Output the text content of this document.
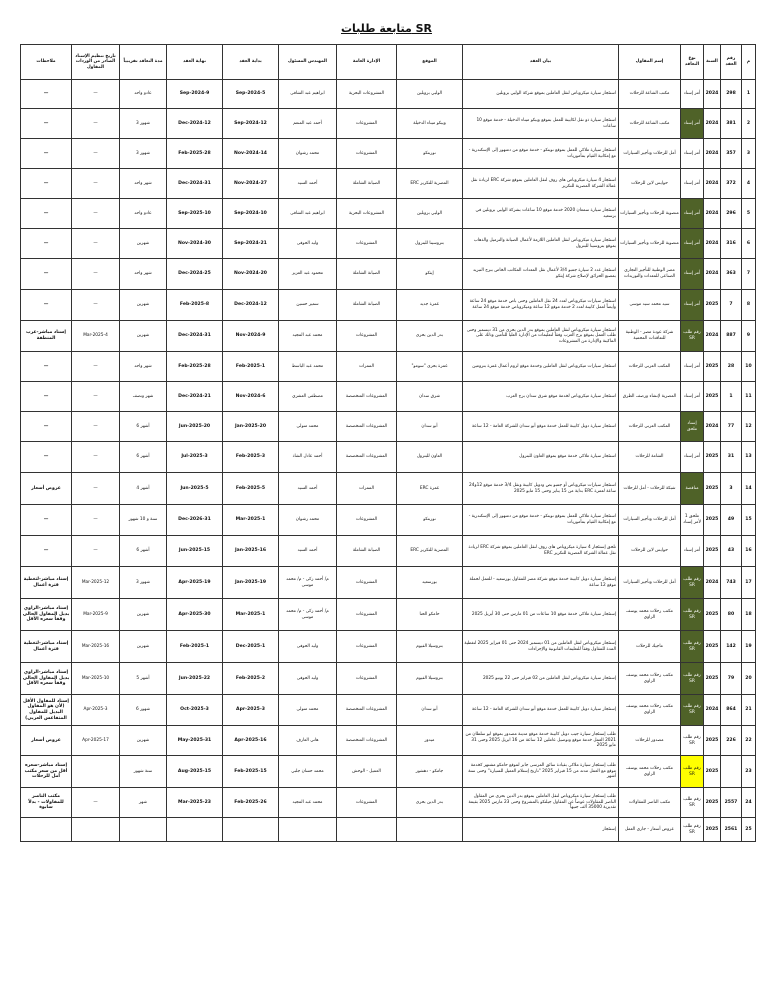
متابعة طلبات SR
م	رقم العقد	السنة	نوع التعاقد	إسم المقاول	بيان العقد	الموقع	الإدارة العامة	المهندس المسئول	بداية العقد	نهاية العقد	مدة التعاقد تقريبياً	تاريخ تنظيم الإسناد الصادر من الوردات المقاول	ملاحظات
1	298	2024	أمر إسناد	مكتب الشاعة للرحلات	استئجار سيارة ميكروباص لنقل العاملين بموقع شركة الوليي بروبلين	الوليي بروبلين	المشروعات البحرية	ابراهيم عبد الشافى	5-Sep-2024	9-Sep-2024	عادو واحد	—	—
2	381	2024	أمر إسناد	مكتب الشاعة للرحلات	استئجار سيارة ذو نقل لكابينة للعمل بموقع ويبكو ميناء الدخيلة - خدمة موقع 10 ساعات	ويبكو ميناء الدخيلة	المشروعات	أحمد عبد المنعم	12-Sep-2024	12-Dec-2024	شهور 3	—	—
3	357	2024	أمر إسناد	أمل للرحلات وتأجير السيارات	استئجار سيارة ملاكي للعمل بموقع نوبتكو - خدمة موقع من دمنهور إلى الإسكندرية - مع إمكانية القيام بمأموريات	نوربتكو	المشروعات	محمد رشوان	14-Nov-2024	28-Feb-2025	شهور 3	—	—
4	372	2024	أمر إسناد	حوايس لاين للرحلات	استئجار 4 سيارة ميكروباص هاى روف لنقل العاملين بموقع شركة ERC لزيادة نقل عمالة الشركة المصرية للتكرير	المصرية للتكرير ERC	الصيانة الشاملة	أحمد السيد	27-Nov-2024	31-Dec-2024	شهر واحد	—	—
5	296	2024	أمر إسناد	منصوبة للرحلات وتأجير السيارات	استئجار سيارة سمعان 2020 خدمة موقع 10 ساعات بشركة الوليي بروبلين في برسعيد	الوليي بروبلين	المشروعات البحرية	ابراهيم عبد الشافى	10-Sep-2024	10-Sep-2025	عادو واحد	—	—
6	316	2024	أمر إسناد	منصوبة للرحلات وتأجير السيارات	استئجار سيارة ميكروباص لنقل العاملين اللازمة لأعمال الصيانة والترميل والذهاب بموقع بتروسينا للبترول	بتروسينا للبترول	المشروعات	وليد الحوفى	21-Sep-2024	30-Nov-2024	شهرين	—	—
7	363	2024	أمر إسناد	مصر الوطنية للتأجير التجاري الصناعى للمعدات والتوريدات	استئجار عدد 2 سيارة جمبو 3/4 لأعمال نقل المعدات المكاتب الخاص ببرج التبريد بمصنع الحرائق لإصلاح شركة إيثكو	إيثكو	الصيانة الشاملة	محمود عبد العزيز	20-Nov-2024	25-Dec-2024	شهر واحد	—	—
8	7	2025	أمر إسناد	سيد محمد سيد موسى	استئجار سيارات ميكروباص لعدد 24 نقل العاملين وحتى باص خدمة موقع 24 ساعة وأيضاً لعمل كابينة لعدد 2 خدمة موقع 12 ساعة وميكروباص خدمة موقع 24 ساعة	غمرة جديد	الصيانة الشاملة	سمير حسين	12-Dec-2024	8-Feb-2025	شهرين	—	—
9	887	2024	رقم طلب SR	شركة عودة مصر - الوطنية للتعاقدات المحمية	استئجار سيارة ميكروباص لنقل العاملين بموقع بدر الدين بحرى من 31 ديسمبر وحتى طلب العمل بموقع برج العرب وفقاً لتعليمات من الإدارة العليا للتأمين وذلك على الماكينة والإدارة من المشروعات	بدر الدين بحرى	المشروعات	محمد عبد المجيد	9-Nov-2024	31-Dec-2024	شهرين	4-Mar-2025	إسناد مباشر-غرب المنطقة
10	28	2025	أمر إسناد	المكتب العربي للرحلات	استئجار سيارات ميكروباص لنقل العاملين وخدمة موقع لزوم أعمال غمرة بترومين	غمرة بحرى "سومو"	الممرات	محمد عبد الباسط	1-Feb-2025	28-Feb-2025	شهر واحد	—	—
11	1	2025	أمر إسناد	المصرية لإنشاء ورصف الطرق	استئجار سيارة ميكروباص لخدمة موقع شرق سدان برج العرب	شرق سدان	المشروعات المتخصصة	مصطفى العشري	6-Nov-2024	21-Dec-2024	شهر ونصف	—	—
12	77	2024	إسناد ملحق	المكتب العربي للرحلات	استئجار سيارة دوبل كابينة للعمل خدمة موقع أبو سدان للشركة العامة - 12 ساعة	أبو سدان	المشروعات المتخصصة	محمد متولى	20-Jan-2025	20-Jun-2025	أشهر 6	—	—
13	31	2025	أمر إسناد	الشامة للرحلات	استئجار سيارة ملاكي خدمة موقع بموقع العاون للبترول	العاون للبترول	المشروعات المتخصصة	أحمد عادل الشاذ	3-Feb-2025	3-Jul-2025	أشهر 6	—	—
14	3	2025	مناقصة	شبكة للرحلات - أمل للرحلات	استئجار سيارات ميكروباص أو جمبو بص ودوبل كابينة ونقل 3/4 خدمة موقع 12و24 ساعة لعمرة ERC بداية من 15 يناير وحتى 15 مايو 2025	غمرة ERC	الممرات	أحمد السيد	5-Feb-2025	5-Jun-2025	أشهر 4	—	عروض أسعار
15	49	2025	ملحق 1 لأمر إسناد	أمل للرحلات وتأجير السيارات	استئجار سيارة ملاكي للعمل بموقع نوبتكو - خدمة موقع من دمنهور إلى الإسكندرية - مع إمكانية القيام بمأموريات	نوربتكو	المشروعات	محمد رشوان	1-Mar-2025	31-Dec-2026	سنة و 10 شهور	—	—
16	43	2025	أمر إسناد	حوايس لاين للرحلات	تلحق إستئجار 4 سيارة ميكروباص هاى روف لنقل العاملين بموقع شركة ERC لزيادة نقل عمالة الشركة المصرية للتكرير ERC	المصرية للتكرير ERC	الصيانة الشاملة	أحمد السيد	16-Jan-2025	15-Jun-2025	أشهر 6	—	—
17	743	2024	رقم طلب SR	أمل للرحلات وتأجير السيارات	إستئجار سيارة دوبل كابينة خدمة موقع شركة مصر للمقاول بورسعيد - للعمل لحملة موقع 12 ساعة	بورسعيد	المشروعات	م/ أحمد زكى - م/ محمد موسى	19-Jan-2025	19-Apr-2025	شهور 3	12-Mar-2025	إسناد مباشر-لتغطية فترة أعمال
18	80	2025	رقم طلب SR	مكتب رحلات محمد يوسف الزاوي	إستئجار سيارة ملاكي خدمة موقع 10 ساعات من 01 مارس حتى 30 أبريل 2025	حامكو الحنا	المشروعات	م/ أحمد زكى - م/ محمد موسى	1-Mar-2025	30-Apr-2025	شهرين	9-Mar-2025	إسناد مباشر-الزاوي بديل المقاول الحالي وفقاً سعره الأقل
19	142	2025	رقم طلب SR	ماجيك للرحلات	إستئجار ميكروباص لنقل العاملين من 01 ديسمبر 2024 حتى 01 فبراير 2025 لتغطية المدة للمقاول وفقاً للتعليمات القانونية والإجراءات	بتروسيلا الفيوم	المشروعات	وليد الحوفى	1-Dec-2025	1-Feb-2025	شهرين	16-Mar-2025	إسناد مباشر-لتغطية فترة أعمال
20	79	2025	رقم طلب SR	مكتب رحلات محمد يوسف الزاوي	إستئجار سيارة ميكروباص لنقل العاملين من 02 فبراير حتى 22 يونيو 2025	بتروسيلا الفيوم	المشروعات	وليد الحوفى	2-Feb-2025	22-Jun-2025	أشهر 5	10-Mar-2025	إسناد مباشر-الزاوي بديل المقاول الحالي وفقاً سعره الأقل
21	864	2024	رقم طلب SR	مكتب رحلات محمد يوسف الزاوي	إستئجار سيارة دوبل كابينة للعمل خدمة موقع أبو سدان للشركة العامة - 12 ساعة	أبو سدان	المشروعات المتخصصة	محمد متولى	3-Apr-2025	3-Oct-2025	شهور 6	3-Apr-2025	إسناد للمقاول الأقل (لأن هو المقاول البديل للمقاول المتقاعس العربي)
22	226	2025	رقم طلب SR	مصدور للرحلات	طلب إستئجار سيارة جيب دوبل كابينة خدمة موقع مدينة مصدور بموقع ابو سلطان من 2021 العمل خدمة موقع وتوصيل عاملين 12 ساعة من 16 ابريل 2025 وحتى 31 مايو 2025	ميدور	المشروعات المتخصصة	هاني العارف	16-Apr-2025	31-May-2025	شهرين	17-Apr-2025	عروض أسعار
23		2025	رقم طلب SR	مكتب رحلات محمد يوسف الزاوي	طلب إستئجار سيارة ملاكى بقيادة سائق المرسى جابر لموقع حامكو مشتهر كخدمة موقع مع العمل مدته من 15 فبراير 2025 "تاريخ إستلام العميل للسيارة" وحتى ستة أشهر	جامكو - دهشور	العميل - الوحش	محمد حسان جلبي	15-Feb-2025	15-Aug-2025	ستة شهور		إسناد مباشر-سعره أقل من سعر مكتب أمل للرحلات
24	2557	2025	رقم طلب SR	مكتب الناصر للمقاولات	طلب إستئجار سيارة ميكروباص لنقل العاملين بموقع بدر الدين بحرى من المقاول الناصر للمقاولات عوضاً عن المقاول جيلتكو بالمشروع وحتى 23 مارس 2025 بقيمة تقديرية 35000 ألف جنيهاً	بدر الدين بحرى	المشروعات	محمد عبد المجيد	26-Feb-2025	23-Mar-2025	شهر	—	مكتب الناصر للمقاولات - بدلاً سابوة
25	2561	2025	رقم طلب SR	عروض أسعار - جاري العمل	إستئجار								
